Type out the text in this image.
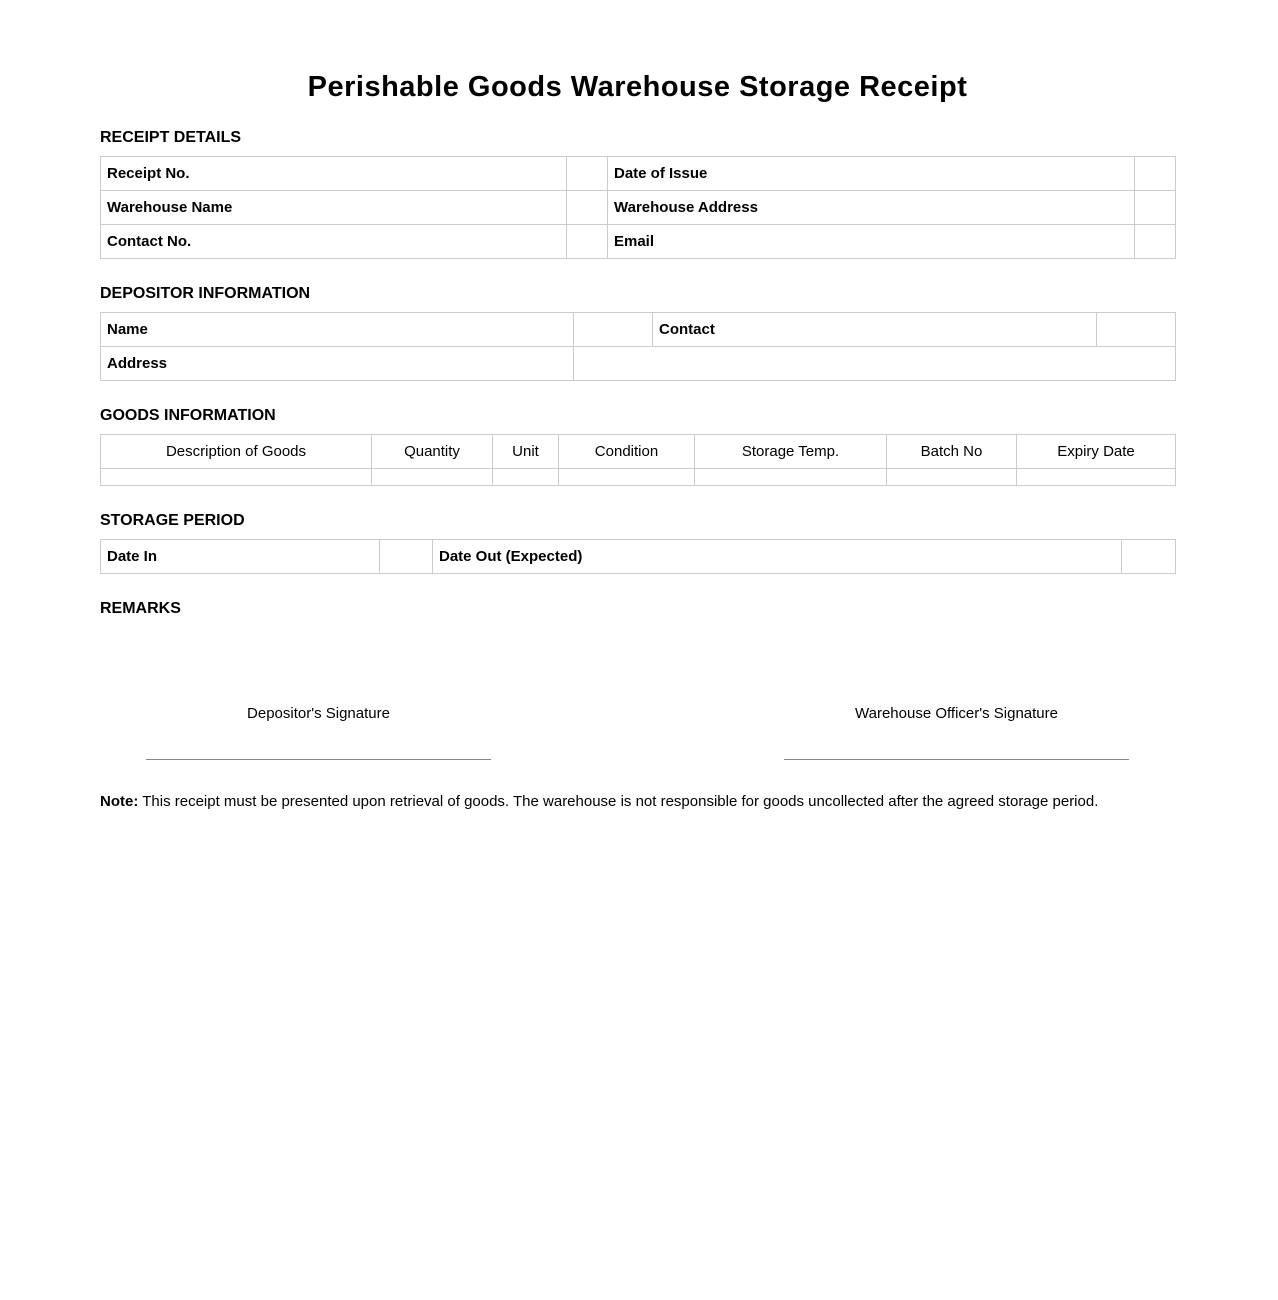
Perishable Goods Warehouse Storage Receipt
RECEIPT DETAILS
Receipt No.		Date of Issue	
Warehouse Name		Warehouse Address	
Contact No.		Email	
DEPOSITOR INFORMATION
Name		Contact	
Address			
GOODS INFORMATION
Description of Goods	Quantity	Unit	Condition	Storage Temp.	Batch No	Expiry Date

STORAGE PERIOD
Date In		Date Out (Expected)	
REMARKS
Depositor's Signature	Warehouse Officer's Signature

Note: This receipt must be presented upon retrieval of goods. The warehouse is not responsible for goods uncollected after the agreed storage period.
